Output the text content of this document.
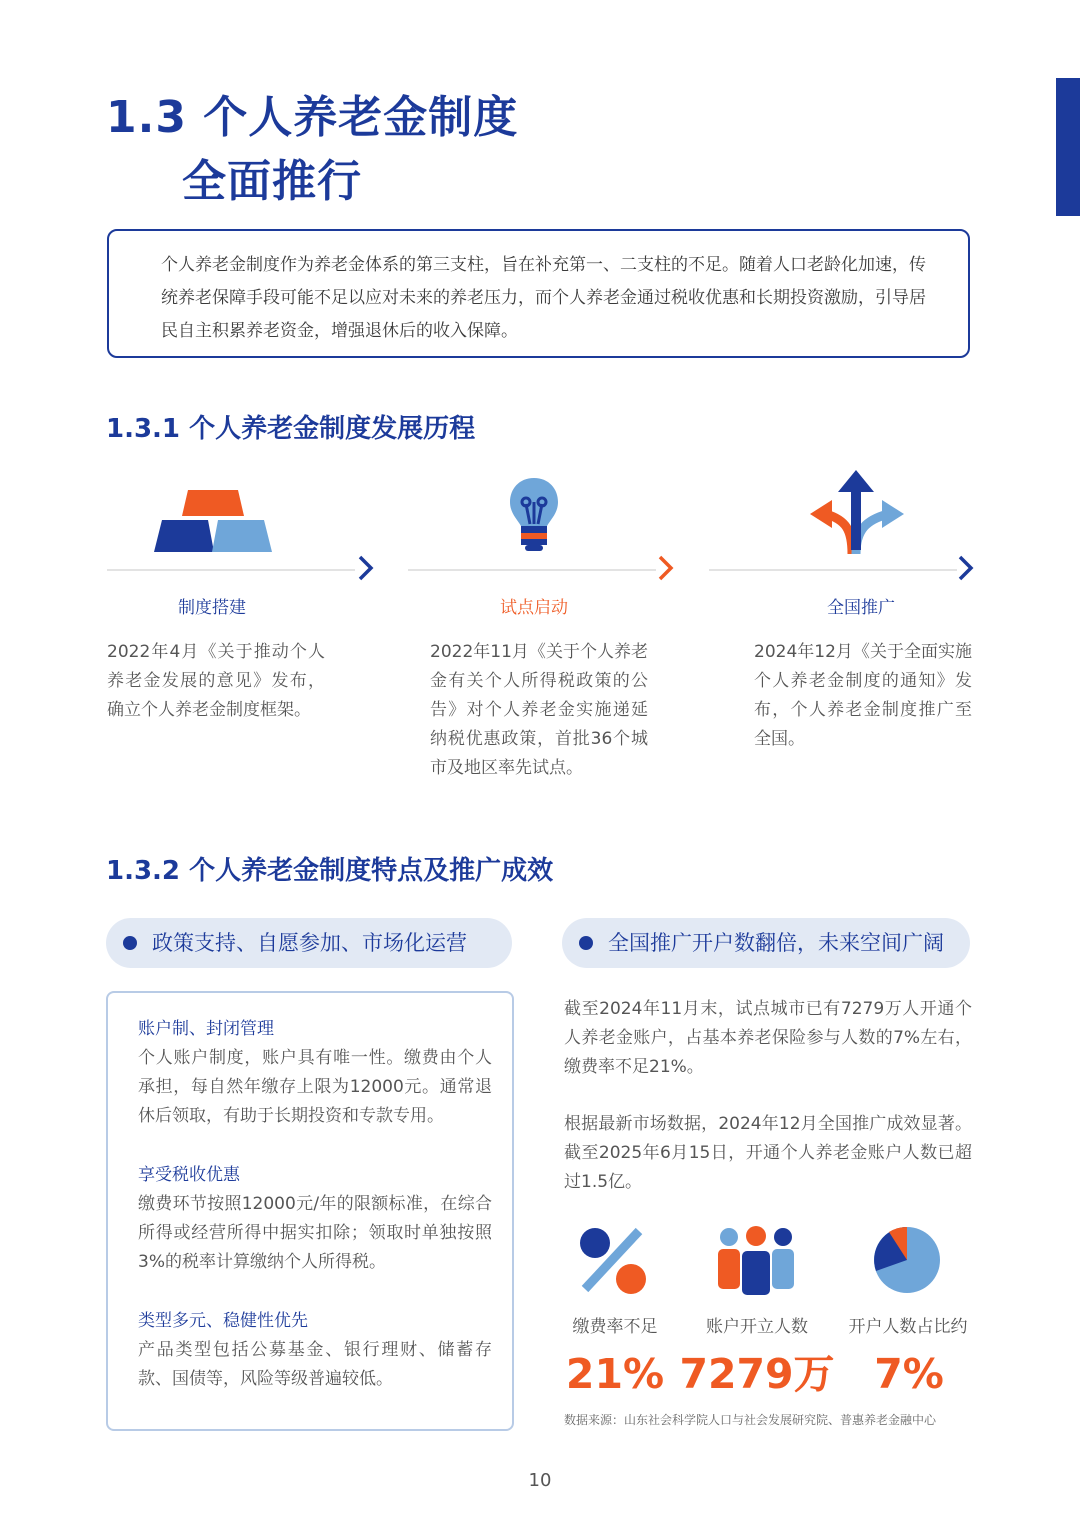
1.3 个人养老金制度
全面推行

个人养老金制度作为养老金体系的第三支柱，旨在补充第一、二支柱的不足。随着人口老龄化加速，传统养老保障手段可能不足以应对未来的养老压力，而个人养老金通过税收优惠和长期投资激励，引导居民自主积累养老资金，增强退休后的收入保障。

1.3.1 个人养老金制度发展历程
制度搭建	试点启动	全国推广
2022年4月《关于推动个人养老金发展的意见》发布，确立个人养老金制度框架。
2022年11月《关于个人养老金有关个人所得税政策的公告》对个人养老金实施递延纳税优惠政策，首批36个城市及地区率先试点。
2024年12月《关于全面实施个人养老金制度的通知》发布，个人养老金制度推广至全国。
1.3.2 个人养老金制度特点及推广成效
政策支持、自愿参加、市场化运营	全国推广开户数翻倍，未来空间广阔
账户制、封闭管理
个人账户制度，账户具有唯一性。缴费由个人承担，每自然年缴存上限为12000元。通常退休后领取，有助于长期投资和专款专用。
享受税收优惠
缴费环节按照12000元/年的限额标准，在综合所得或经营所得中据实扣除；领取时单独按照3%的税率计算缴纳个人所得税。
类型多元、稳健性优先
产品类型包括公募基金、银行理财、储蓄存款、国债等，风险等级普遍较低。
截至2024年11月末，试点城市已有7279万人开通个人养老金账户，占基本养老保险参与人数的7%左右，缴费率不足21%。
根据最新市场数据，2024年12月全国推广成效显著。截至2025年6月15日，开通个人养老金账户人数已超过1.5亿。
缴费率不足	账户开立人数	开户人数占比约
21% 7279万 7%
数据来源：山东社会科学院人口与社会发展研究院、普惠养老金融中心
10
